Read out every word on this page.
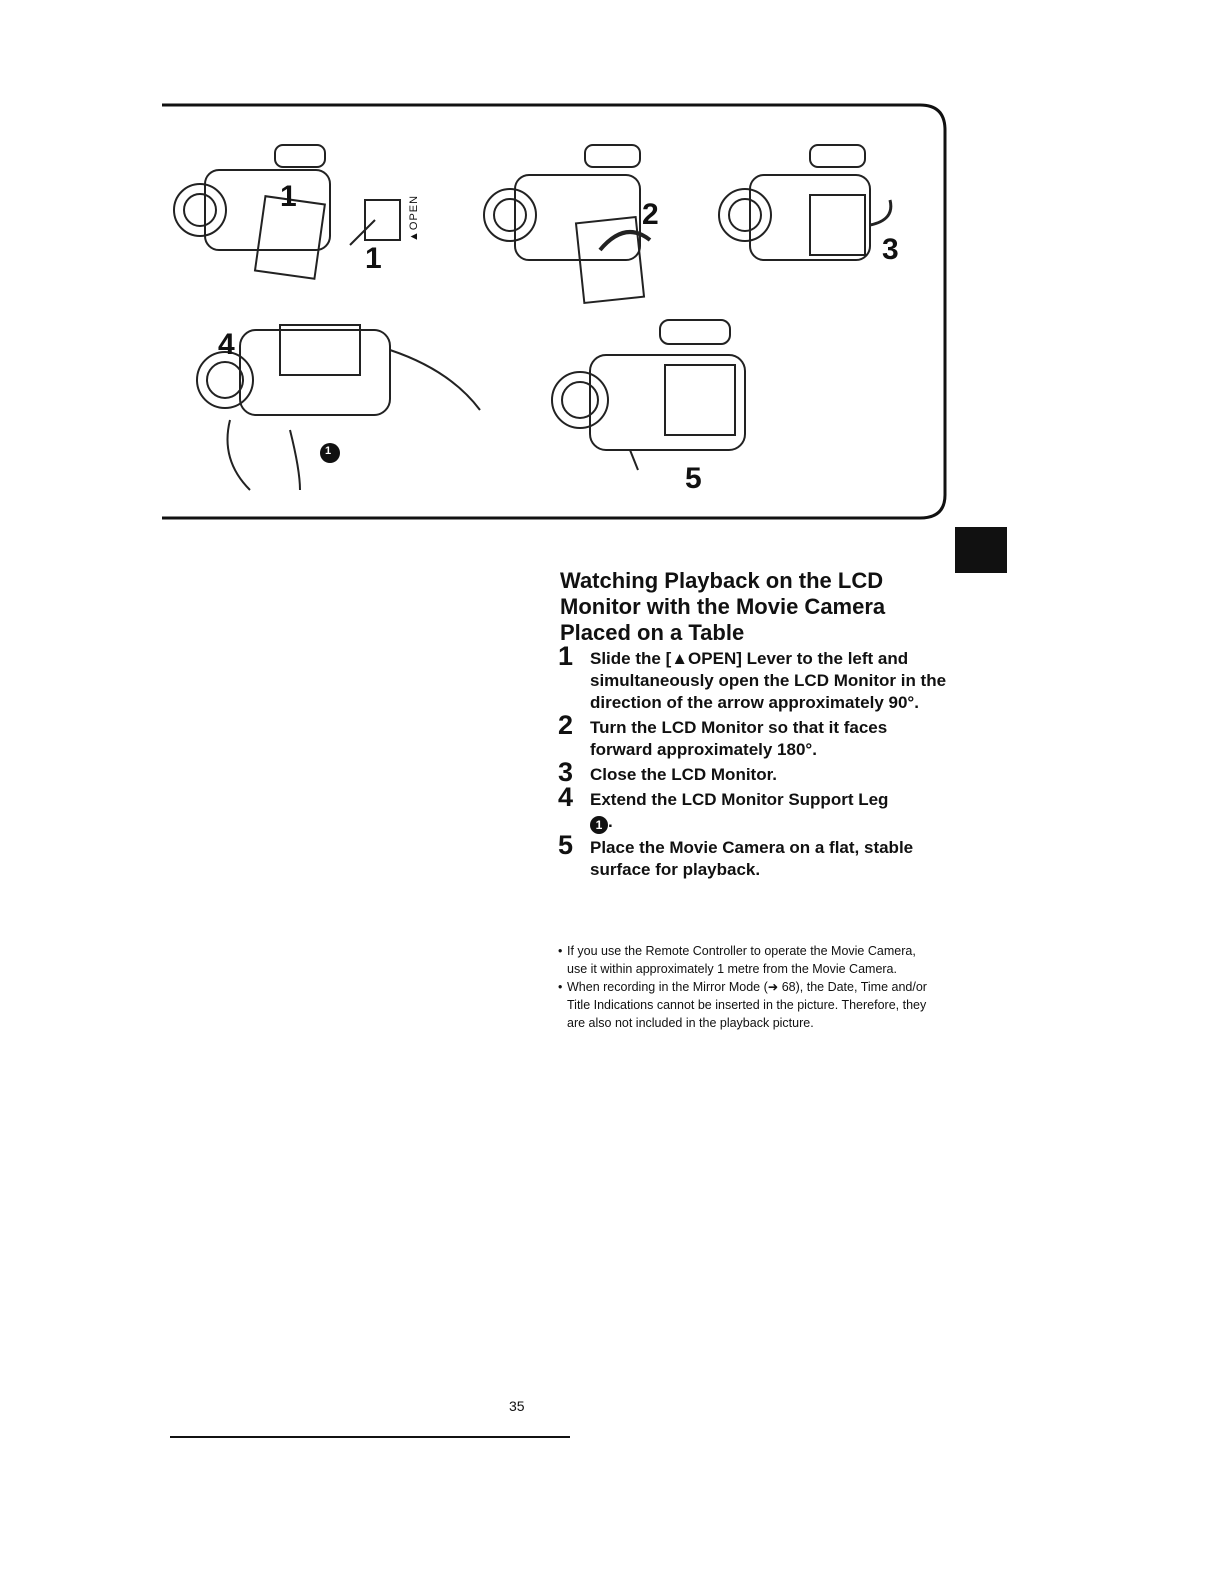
1
1
▲OPEN	2
3
4
5
1
Watching Playback on the LCD Monitor with the Movie Camera Placed on a Table
1 Slide the [▲OPEN] Lever to the left and simultaneously open the LCD Monitor in the direction of the arrow approximately 90°.
2 Turn the LCD Monitor so that it faces forward approximately 180°.
3 Close the LCD Monitor.
4 Extend the LCD Monitor Support Leg
1 .
5 Place the Movie Camera on a flat, stable surface for playback.
• If you use the Remote Controller to operate the Movie Camera, use it within approximately 1 metre from the Movie Camera.
• When recording in the Mirror Mode (➜ 68), the Date, Time and/or Title Indications cannot be inserted in the picture. Therefore, they are also not included in the playback picture.
35
